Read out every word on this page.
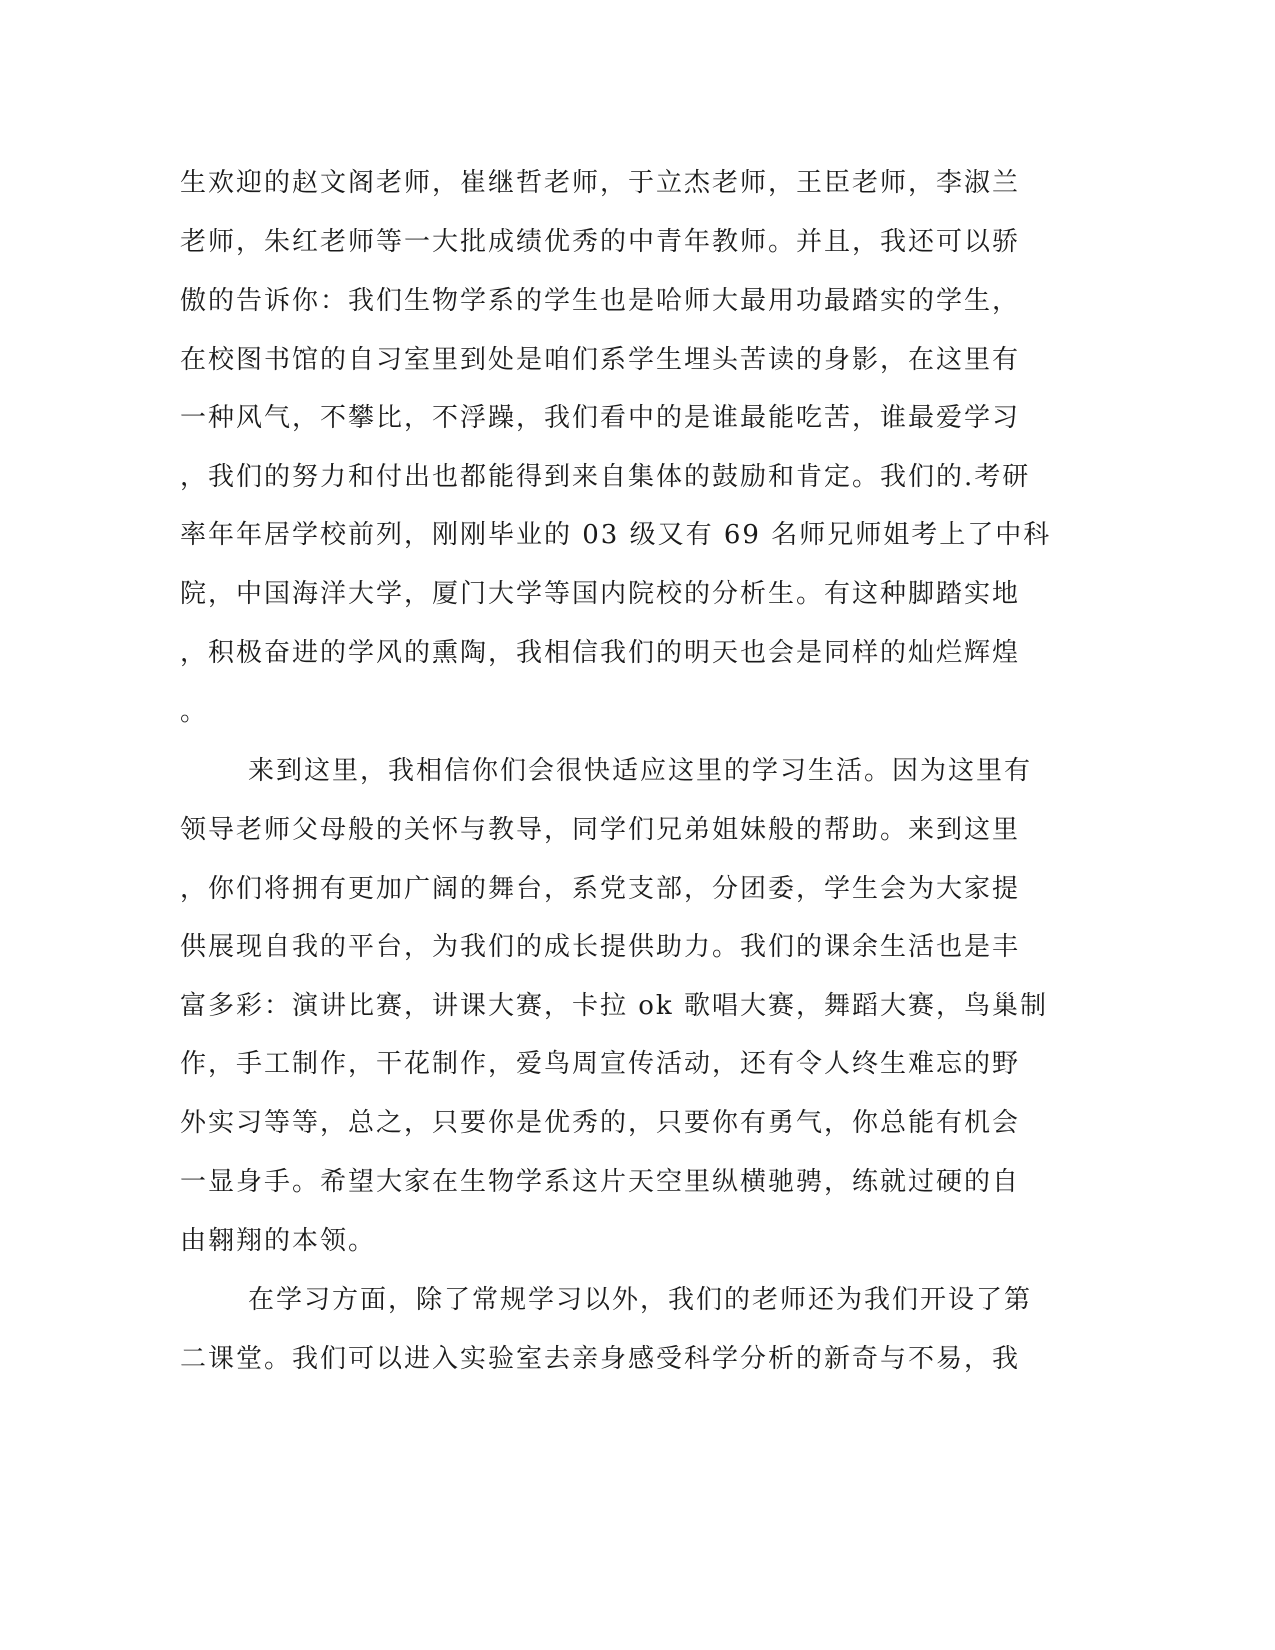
生欢迎的赵文阁老师，崔继哲老师，于立杰老师，王臣老师，李淑兰
老师，朱红老师等一大批成绩优秀的中青年教师。并且，我还可以骄
傲的告诉你：我们生物学系的学生也是哈师大最用功最踏实的学生，
在校图书馆的自习室里到处是咱们系学生埋头苦读的身影，在这里有
一种风气，不攀比，不浮躁，我们看中的是谁最能吃苦，谁最爱学习
，我们的努力和付出也都能得到来自集体的鼓励和肯定。我们的.考研
率年年居学校前列，刚刚毕业的 03 级又有 69 名师兄师姐考上了中科
院，中国海洋大学，厦门大学等国内院校的分析生。有这种脚踏实地
，积极奋进的学风的熏陶，我相信我们的明天也会是同样的灿烂辉煌
。
来到这里，我相信你们会很快适应这里的学习生活。因为这里有
领导老师父母般的关怀与教导，同学们兄弟姐妹般的帮助。来到这里
，你们将拥有更加广阔的舞台，系党支部，分团委，学生会为大家提
供展现自我的平台，为我们的成长提供助力。我们的课余生活也是丰
富多彩：演讲比赛，讲课大赛，卡拉 ok 歌唱大赛，舞蹈大赛，鸟巢制
作，手工制作，干花制作，爱鸟周宣传活动，还有令人终生难忘的野
外实习等等，总之，只要你是优秀的，只要你有勇气，你总能有机会
一显身手。希望大家在生物学系这片天空里纵横驰骋，练就过硬的自
由翱翔的本领。
在学习方面，除了常规学习以外，我们的老师还为我们开设了第
二课堂。我们可以进入实验室去亲身感受科学分析的新奇与不易，我
